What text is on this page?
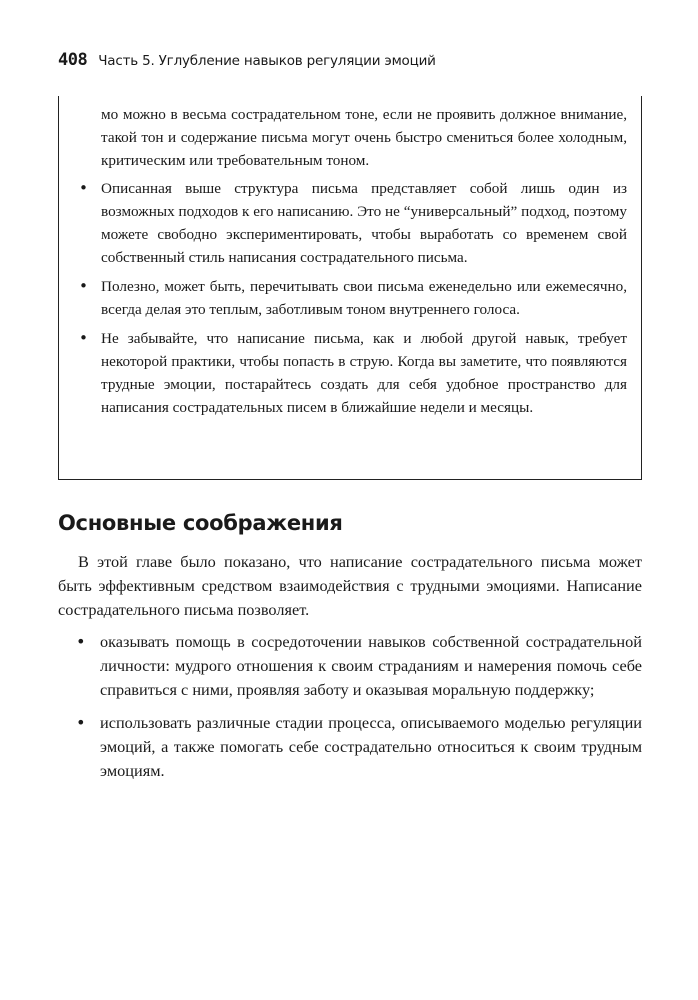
408 Часть 5. Углубление навыков регуляции эмоций
мо можно в весьма сострадательном тоне, если не проявить должное внимание, такой тон и содержание письма могут очень быстро смениться более холодным, критическим или требовательным тоном.
• Описанная выше структура письма представляет собой лишь один из возможных подходов к его написанию. Это не “универсальный” подход, поэтому можете свободно экспериментировать, чтобы выработать со временем свой собственный стиль написания сострадательного письма.
• Полезно, может быть, перечитывать свои письма еженедельно или ежемесячно, всегда делая это теплым, заботливым тоном внутреннего голоса.
• Не забывайте, что написание письма, как и любой другой навык, требует некоторой практики, чтобы попасть в струю. Когда вы заметите, что появляются трудные эмоции, постарайтесь создать для себя удобное пространство для написания сострадательных писем в ближайшие недели и месяцы.
Основные соображения

В этой главе было показано, что написание сострадательного письма может быть эффективным средством взаимодействия с трудными эмоциями. Написание сострадательного письма позволяет.

• оказывать помощь в сосредоточении навыков собственной сострадательной личности: мудрого отношения к своим страданиям и намерения помочь себе справиться с ними, проявляя заботу и оказывая моральную поддержку;
• использовать различные стадии процесса, описываемого моделью регуляции эмоций, а также помогать себе сострадательно относиться к своим трудным эмоциям.
